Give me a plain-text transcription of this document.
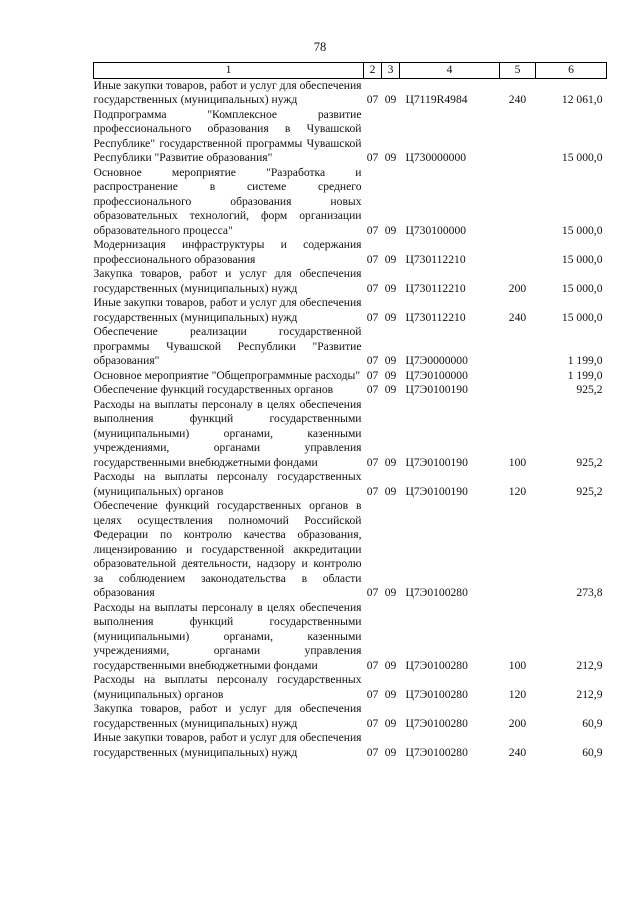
78
1	2	3	4	5	6
Иные закупки товаров, работ и услуг для обеспечения государственных (муниципальных) нужд	07	09	Ц7119R4984	240	12 061,0
Подпрограмма "Комплексное развитие профессионального образования в Чувашской Республике" государственной программы Чувашской Республики "Развитие образования"	07	09	Ц730000000		15 000,0
Основное мероприятие "Разработка и распространение в системе среднего профессионального образования новых образовательных технологий, форм организации образовательного процесса"	07	09	Ц730100000		15 000,0
Модернизация инфраструктуры и содержания профессионального образования	07	09	Ц730112210		15 000,0
Закупка товаров, работ и услуг для обеспечения государственных (муниципальных) нужд	07	09	Ц730112210	200	15 000,0
Иные закупки товаров, работ и услуг для обеспечения государственных (муниципальных) нужд	07	09	Ц730112210	240	15 000,0
Обеспечение реализации государственной программы Чувашской Республики "Развитие образования"	07	09	Ц7Э0000000		1 199,0
Основное мероприятие "Общепрограммные расходы"	07	09	Ц7Э0100000		1 199,0
Обеспечение функций государственных органов	07	09	Ц7Э0100190		925,2
Расходы на выплаты персоналу в целях обеспечения выполнения функций государственными (муниципальными) органами, казенными учреждениями, органами управления государственными внебюджетными фондами	07	09	Ц7Э0100190	100	925,2
Расходы на выплаты персоналу государственных (муниципальных) органов	07	09	Ц7Э0100190	120	925,2
Обеспечение функций государственных органов в целях осуществления полномочий Российской Федерации по контролю качества образования, лицензированию и государственной аккредитации образовательной деятельности, надзору и контролю за соблюдением законодательства в области образования	07	09	Ц7Э0100280		273,8
Расходы на выплаты персоналу в целях обеспечения выполнения функций государственными (муниципальными) органами, казенными учреждениями, органами управления государственными внебюджетными фондами	07	09	Ц7Э0100280	100	212,9
Расходы на выплаты персоналу государственных (муниципальных) органов	07	09	Ц7Э0100280	120	212,9
Закупка товаров, работ и услуг для обеспечения государственных (муниципальных) нужд	07	09	Ц7Э0100280	200	60,9
Иные закупки товаров, работ и услуг для обеспечения государственных (муниципальных) нужд	07	09	Ц7Э0100280	240	60,9
